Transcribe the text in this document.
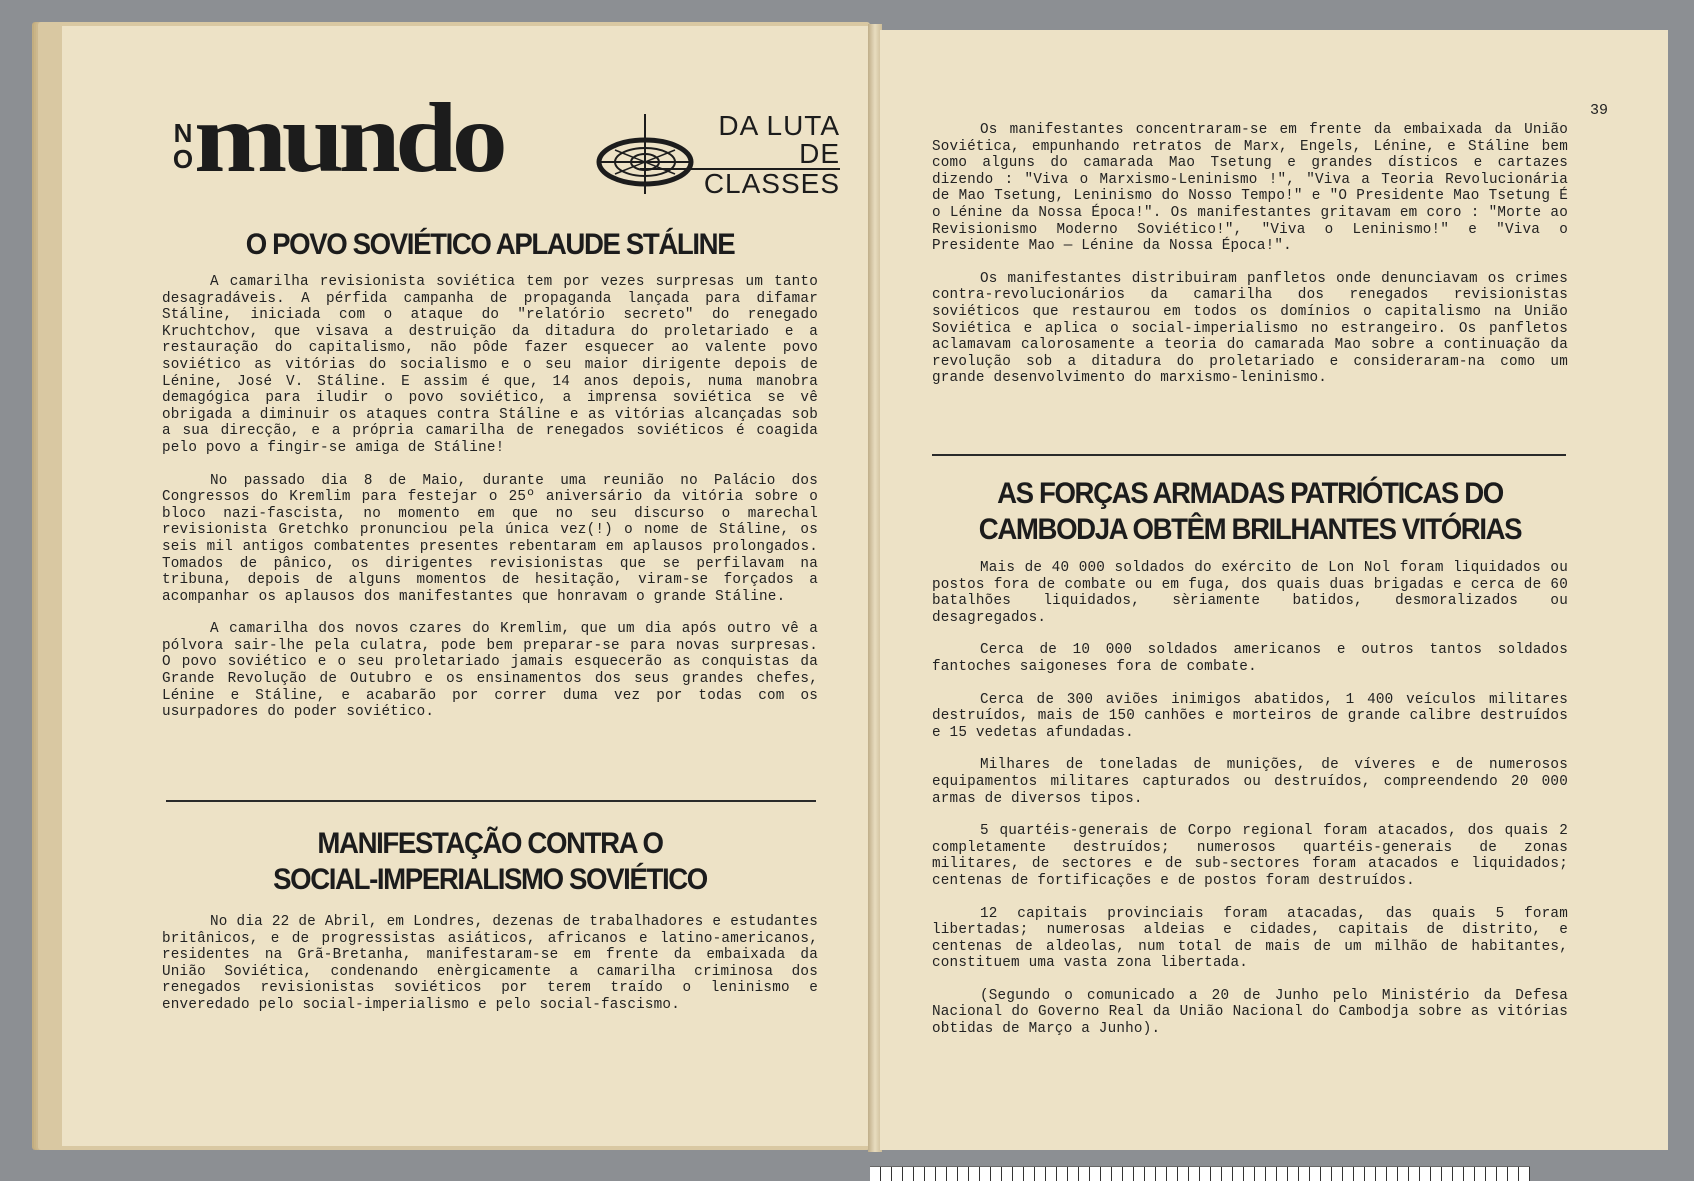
N
O mundo	DA LUTA
DE
CLASSES
O POVO SOVIÉTICO APLAUDE STÁLINE

A camarilha revisionista soviética tem por vezes surpresas um tanto desagradáveis. A pérfida campanha de propaganda lançada para difamar Stáline, iniciada com o ataque do "relatório secreto" do renegado Kruchtchov, que visava a destruição da ditadura do proletariado e a restauração do capitalismo, não pôde fazer esquecer ao valente povo soviético as vitórias do socialismo e o seu maior dirigente depois de Lénine, José V. Stáline. E assim é que, 14 anos depois, numa manobra demagógica para iludir o povo soviético, a imprensa soviética se vê obrigada a diminuir os ataques contra Stáline e as vitórias alcançadas sob a sua direcção, e a própria camarilha de renegados soviéticos é coagida pelo povo a fingir-se amiga de Stáline!

No passado dia 8 de Maio, durante uma reunião no Palácio dos Congressos do Kremlim para festejar o 25º aniversário da vitória sobre o bloco nazi-fascista, no momento em que no seu discurso o marechal revisionista Gretchko pronunciou pela única vez(!) o nome de Stáline, os seis mil antigos combatentes presentes rebentaram em aplausos prolongados. Tomados de pânico, os dirigentes revisionistas que se perfilavam na tribuna, depois de alguns momentos de hesitação, viram-se forçados a acompanhar os aplausos dos manifestantes que honravam o grande Stáline.

A camarilha dos novos czares do Kremlim, que um dia após outro vê a pólvora sair-lhe pela culatra, pode bem preparar-se para novas surpresas. O povo soviético e o seu proletariado jamais esquecerão as conquistas da Grande Revolução de Outubro e os ensinamentos dos seus grandes chefes, Lénine e Stáline, e acabarão por correr duma vez por todas com os usurpadores do poder soviético.

MANIFESTAÇÃO CONTRA O
SOCIAL-IMPERIALISMO SOVIÉTICO

No dia 22 de Abril, em Londres, dezenas de trabalhadores e estudantes britânicos, e de progressistas asiáticos, africanos e latino-americanos, residentes na Grã-Bretanha, manifestaram-se em frente da embaixada da União Soviética, condenando enèrgicamente a camarilha criminosa dos renegados revisionistas soviéticos por terem traído o leninismo e enveredado pelo social-imperialismo e pelo social-fascismo.

39

Os manifestantes concentraram-se em frente da embaixada da União Soviética, empunhando retratos de Marx, Engels, Lénine, e Stáline bem como alguns do camarada Mao Tsetung e grandes dísticos e cartazes dizendo : "Viva o Marxismo-Leninismo !", "Viva a Teoria Revolucionária de Mao Tsetung, Leninismo do Nosso Tempo!" e "O Presidente Mao Tsetung É o Lénine da Nossa Época!". Os manifestantes gritavam em coro : "Morte ao Revisionismo Moderno Soviético!", "Viva o Leninismo!" e "Viva o Presidente Mao — Lénine da Nossa Época!".

Os manifestantes distribuiram panfletos onde denunciavam os crimes contra-revolucionários da camarilha dos renegados revisionistas soviéticos que restaurou em todos os domínios o capitalismo na União Soviética e aplica o social-imperialismo no estrangeiro. Os panfletos aclamavam calorosamente a teoria do camarada Mao sobre a continuação da revolução sob a ditadura do proletariado e consideraram-na como um grande desenvolvimento do marxismo-leninismo.

AS FORÇAS ARMADAS PATRIÓTICAS DO
CAMBODJA OBTÊM BRILHANTES VITÓRIAS

Mais de 40 000 soldados do exército de Lon Nol foram liquidados ou postos fora de combate ou em fuga, dos quais duas brigadas e cerca de 60 batalhões liquidados, sèriamente batidos, desmoralizados ou desagregados.

Cerca de 10 000 soldados americanos e outros tantos soldados fantoches saigoneses fora de combate.

Cerca de 300 aviões inimigos abatidos, 1 400 veículos militares destruídos, mais de 150 canhões e morteiros de grande calibre destruídos e 15 vedetas afundadas.

Milhares de toneladas de munições, de víveres e de numerosos equipamentos militares capturados ou destruídos, compreendendo 20 000 armas de diversos tipos.

5 quartéis-generais de Corpo regional foram atacados, dos quais 2 completamente destruídos; numerosos quartéis-generais de zonas militares, de sectores e de sub-sectores foram atacados e liquidados; centenas de fortificações e de postos foram destruídos.

12 capitais provinciais foram atacadas, das quais 5 foram libertadas; numerosas aldeias e cidades, capitais de distrito, e centenas de aldeolas, num total de mais de um milhão de habitantes, constituem uma vasta zona libertada.

(Segundo o comunicado a 20 de Junho pelo Ministério da Defesa Nacional do Governo Real da União Nacional do Cambodja sobre as vitórias obtidas de Março a Junho).
